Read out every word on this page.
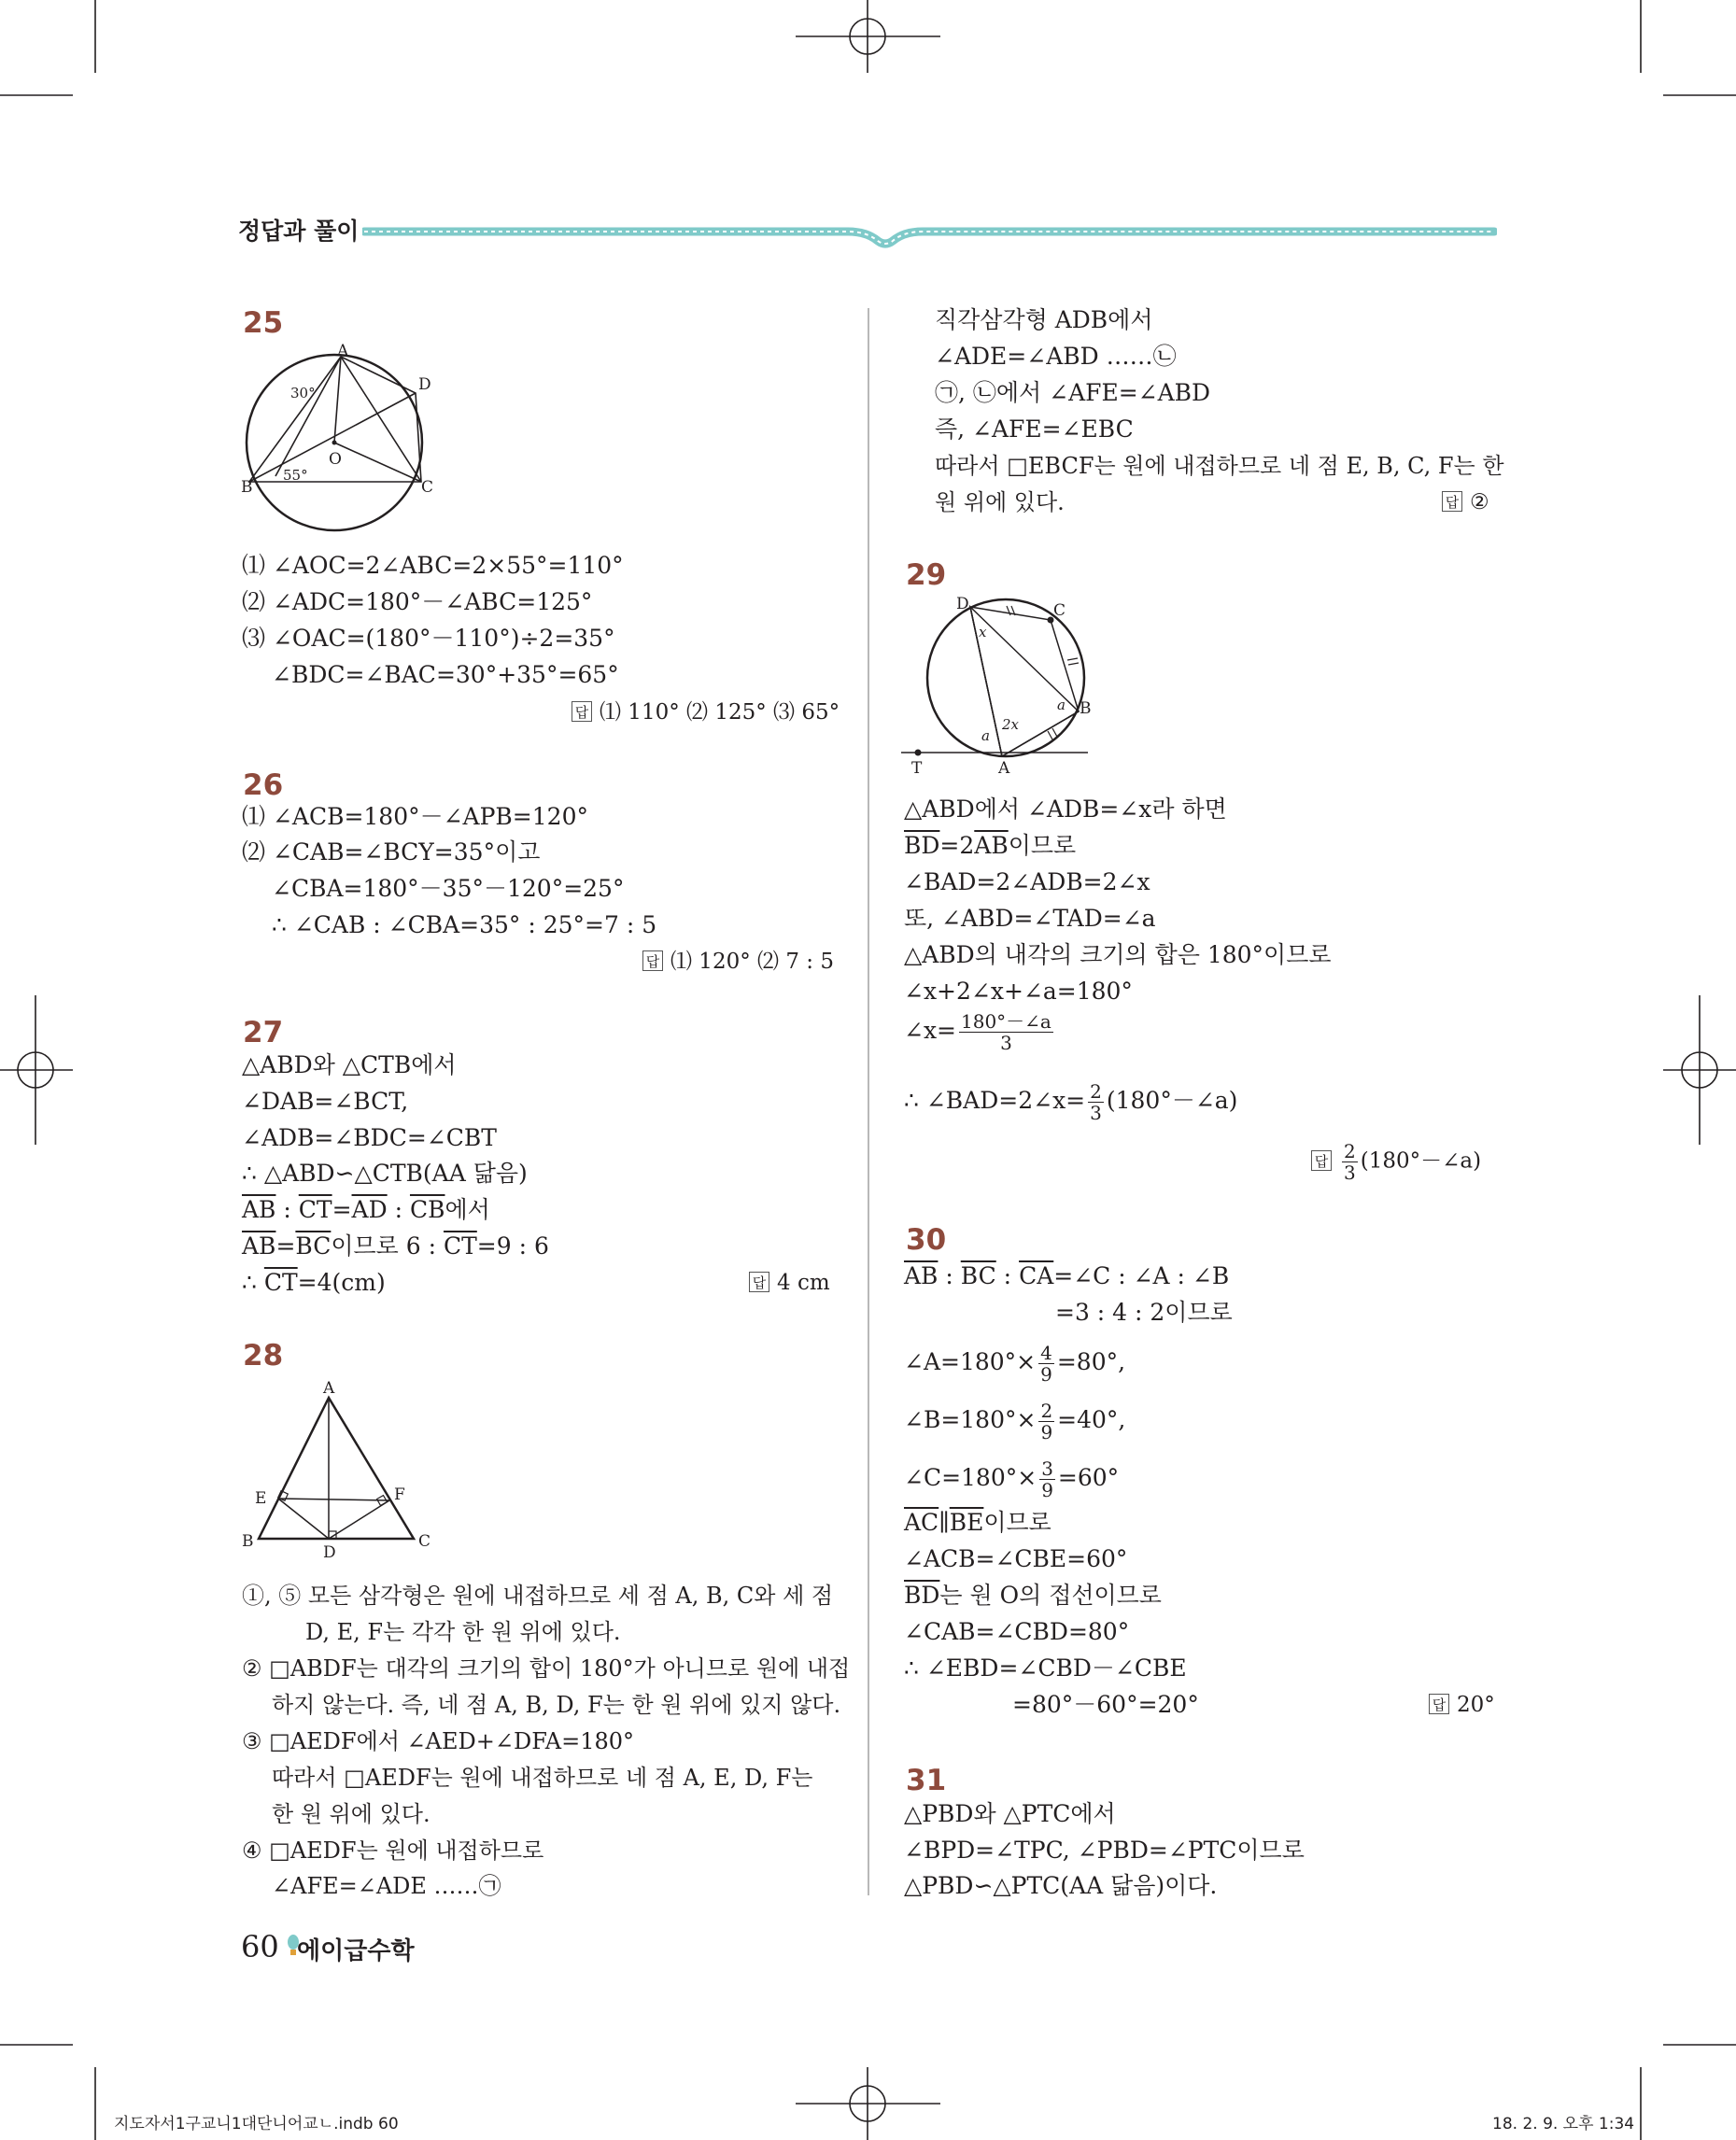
정답과 풀이
25
A
D
O
B	C
30°
55°
⑴ ∠AOC=2∠ABC=2×55°=110°
⑵ ∠ADC=180°－∠ABC=125°
⑶ ∠OAC=(180°－110°)÷2=35°
∠BDC=∠BAC=30°+35°=65°
답 ⑴ 110° ⑵ 125° ⑶ 65°
26
⑴ ∠ACB=180°－∠APB=120°
⑵ ∠CAB=∠BCY=35°이고
∠CBA=180°－35°－120°=25°
∴ ∠CAB : ∠CBA=35° : 25°=7 : 5
답 ⑴ 120° ⑵ 7 : 5
27
△ABD와 △CTB에서
∠DAB=∠BCT,
∠ADB=∠BDC=∠CBT
∴ △ABD∽△CTB(AA 닮음)
$\overline{AB}$ : $\overline{CT}=\overline{AD}$ : $\overline{CB}$에서
$\overline{AB}=\overline{BC}$이므로 6 : $\overline{CT}=9$ : 6
∴ $\overline{CT}=4(cm)$	답 4 cm
28
A
E	F
B
D
C
①, ⑤ 모든 삼각형은 원에 내접하므로 세 점 A, B, C와 세 점
D, E, F는 각각 한 원 위에 있다.
② □ABDF는 대각의 크기의 합이 180°가 아니므로 원에 내접
하지 않는다. 즉, 네 점 A, B, D, F는 한 원 위에 있지 않다.
③ □AEDF에서 ∠AED+∠DFA=180°
따라서 □AEDF는 원에 내접하므로 네 점 A, E, D, F는
한 원 위에 있다.
④ □AEDF는 원에 내접하므로
∠AFE=∠ADE ……㉠
직각삼각형 ADB에서
∠ADE=∠ABD ……㉡
㉠, ㉡에서 ∠AFE=∠ABD
즉, ∠AFE=∠EBC
따라서 □EBCF는 원에 내접하므로 네 점 E, B, C, F는 한
원 위에 있다.	답 ②
29
D	C
B
A
T
x
a
2x
a
△ABD에서 ∠ADB=∠x라 하면
$\overline{BD}=2\overline{AB}$이므로
∠BAD=2∠ADB=2∠x
또, ∠ABD=∠TAD=∠a
△ABD의 내각의 크기의 합은 180°이므로
∠x+2∠x+∠a=180°
∠x= $\frac{180^\circ-\angle a}{3}$
∴ ∠BAD=2∠x= $\frac{2}{3}$ (180°－∠a)
답 $\frac{2}{3}$ (180°－∠a)
30
$\overline{AB}$ : $\overline{BC}$ : $\overline{CA}=\angle C$ : ∠A : ∠B
=3 : 4 : 2이므로
∠A=180°× $\frac{4}{9} =80^\circ$,
∠B=180°× $\frac{2}{9} =40^\circ$,
∠C=180°× $\frac{3}{9} =60^\circ$
$\overline{AC}\parallel\overline{BE}$이므로
∠ACB=∠CBE=60°
$\overline{BD}$는 원 O의 접선이므로
∠CAB=∠CBD=80°
∴ ∠EBD=∠CBD－∠CBE
=80°－60°=20°	답 20°
31
△PBD와 △PTC에서
∠BPD=∠TPC, ∠PBD=∠PTC이므로
△PBD∽△PTC(AA 닮음)이다.
60 에이급수학
지도자서1구교니1대단니어교ㄴ.indb 60	18. 2. 9. 오후 1:34
